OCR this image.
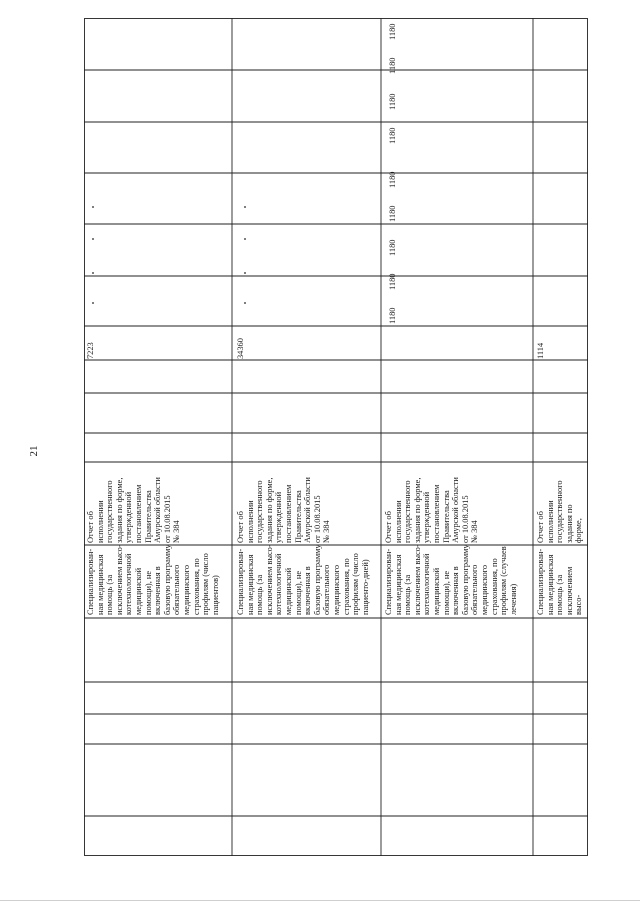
21
Специализирован-
ная медицинская
помощь (за
исключением высо-
котехнологичной
медицинской
помощи), не
включенная в
базовую программу
обязательного
медицинского
страхования, по
профилям (число
пациентов)
Отчет об
исполнении
государственного
задания по форме,
утвержденной
постановлением
Правительства
Амурской области
от 10.08.2015
№ 384
7223
Специализирован-
ная медицинская
помощь (за
исключением высо-
котехнологичной
медицинской
помощи), не
включенная в
базовую программу
обязательного
медицинского
страхования, по
профилям (число
пациенто-дней)
Отчет об
исполнении
государственного
задания по форме,
утвержденной
постановлением
Правительства
Амурской области
от 10.08.2015
№ 384
34360
Специализирован-
ная медицинская
помощь (за
исключением высо-
котехнологичной
медицинской
помощи), не
включенная в
базовую программу
обязательного
медицинского
страхования, по
профилям (случаев
лечения)
Отчет об
исполнении
государственного
задания по форме,
утвержденной
постановлением
Правительства
Амурской области
от 10.08.2015
№ 384
1180
1180
1180
1180
1180
1180
1180
1180
1180
Специализирован-
ная медицинская
помощь (за
исключением высо-
Отчет об
исполнении
государственного
задания по форме,
1114
